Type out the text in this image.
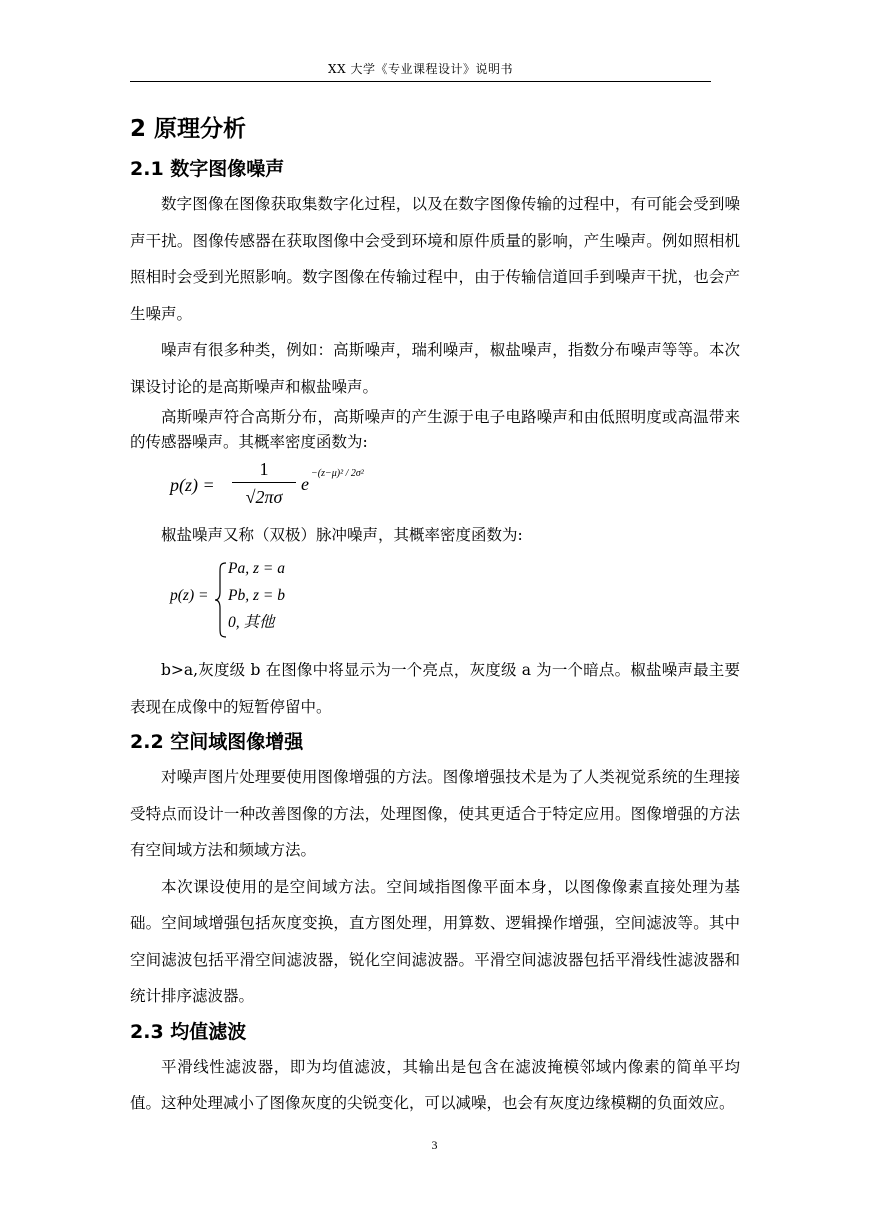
XX 大学《专业课程设计》说明书
2 原理分析
2.1 数字图像噪声

数字图像在图像获取集数字化过程，以及在数字图像传输的过程中，有可能会受到噪声干扰。图像传感器在获取图像中会受到环境和原件质量的影响，产生噪声。例如照相机照相时会受到光照影响。数字图像在传输过程中，由于传输信道回手到噪声干扰，也会产生噪声。

噪声有很多种类，例如：高斯噪声，瑞利噪声，椒盐噪声，指数分布噪声等等。本次课设讨论的是高斯噪声和椒盐噪声。

高斯噪声符合高斯分布，高斯噪声的产生源于电子电路噪声和由低照明度或高温带来的传感器噪声。其概率密度函数为:

p(z) =
1
√2πσ
$e^{-(z-\mu)^2 / 2\sigma^2}$

椒盐噪声又称（双极）脉冲噪声，其概率密度函数为:

p(z) =
Pa, z = a
Pb, z = b
0, 其他

b>a,灰度级 b 在图像中将显示为一个亮点，灰度级 a 为一个暗点。椒盐噪声最主要表现在成像中的短暂停留中。

2.2 空间域图像增强

对噪声图片处理要使用图像增强的方法。图像增强技术是为了人类视觉系统的生理接受特点而设计一种改善图像的方法，处理图像，使其更适合于特定应用。图像增强的方法有空间域方法和频域方法。

本次课设使用的是空间域方法。空间域指图像平面本身，以图像像素直接处理为基础。空间域增强包括灰度变换，直方图处理，用算数、逻辑操作增强，空间滤波等。其中空间滤波包括平滑空间滤波器，锐化空间滤波器。平滑空间滤波器包括平滑线性滤波器和统计排序滤波器。

2.3 均值滤波

平滑线性滤波器，即为均值滤波，其输出是包含在滤波掩模邻域内像素的简单平均值。这种处理减小了图像灰度的尖锐变化，可以减噪，也会有灰度边缘模糊的负面效应。

3
